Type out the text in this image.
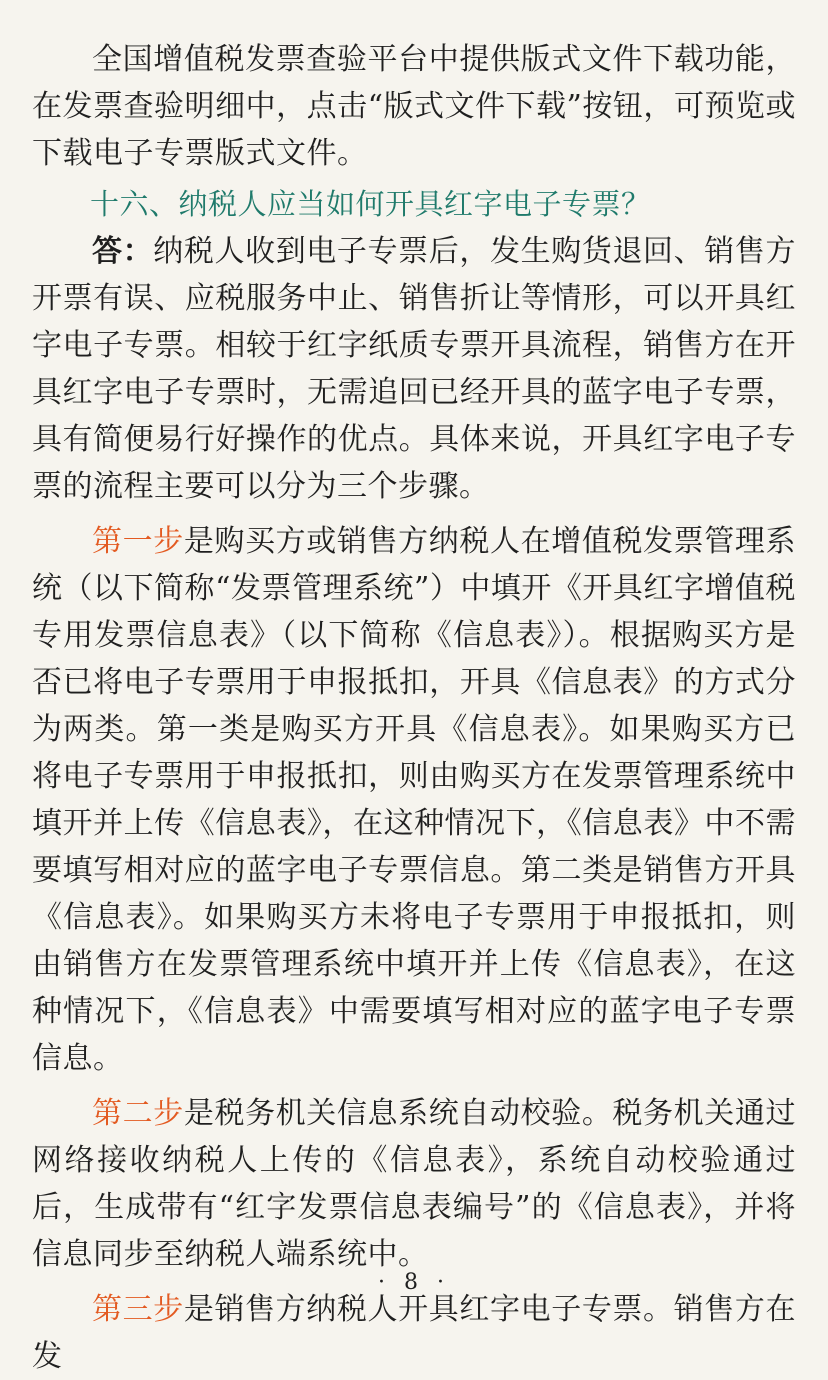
全国增值税发票查验平台中提供版式文件下载功能，在发票查验明细中，点击“版式文件下载”按钮，可预览或下载电子专票版式文件。

十六、纳税人应当如何开具红字电子专票？

答：纳税人收到电子专票后，发生购货退回、销售方开票有误、应税服务中止、销售折让等情形，可以开具红字电子专票。相较于红字纸质专票开具流程，销售方在开具红字电子专票时，无需追回已经开具的蓝字电子专票，具有简便易行好操作的优点。具体来说，开具红字电子专票的流程主要可以分为三个步骤。

第一步是购买方或销售方纳税人在增值税发票管理系统（以下简称“发票管理系统”）中填开《开具红字增值税专用发票信息表》（以下简称《信息表》）。根据购买方是否已将电子专票用于申报抵扣，开具《信息表》的方式分为两类。第一类是购买方开具《信息表》。如果购买方已将电子专票用于申报抵扣，则由购买方在发票管理系统中填开并上传《信息表》，在这种情况下，《信息表》中不需要填写相对应的蓝字电子专票信息。第二类是销售方开具《信息表》。如果购买方未将电子专票用于申报抵扣，则由销售方在发票管理系统中填开并上传《信息表》，在这种情况下，《信息表》中需要填写相对应的蓝字电子专票信息。

第二步是税务机关信息系统自动校验。税务机关通过网络接收纳税人上传的《信息表》，系统自动校验通过后，生成带有“红字发票信息表编号”的《信息表》，并将信息同步至纳税人端系统中。

第三步是销售方纳税人开具红字电子专票。销售方在发

· 8 ·
